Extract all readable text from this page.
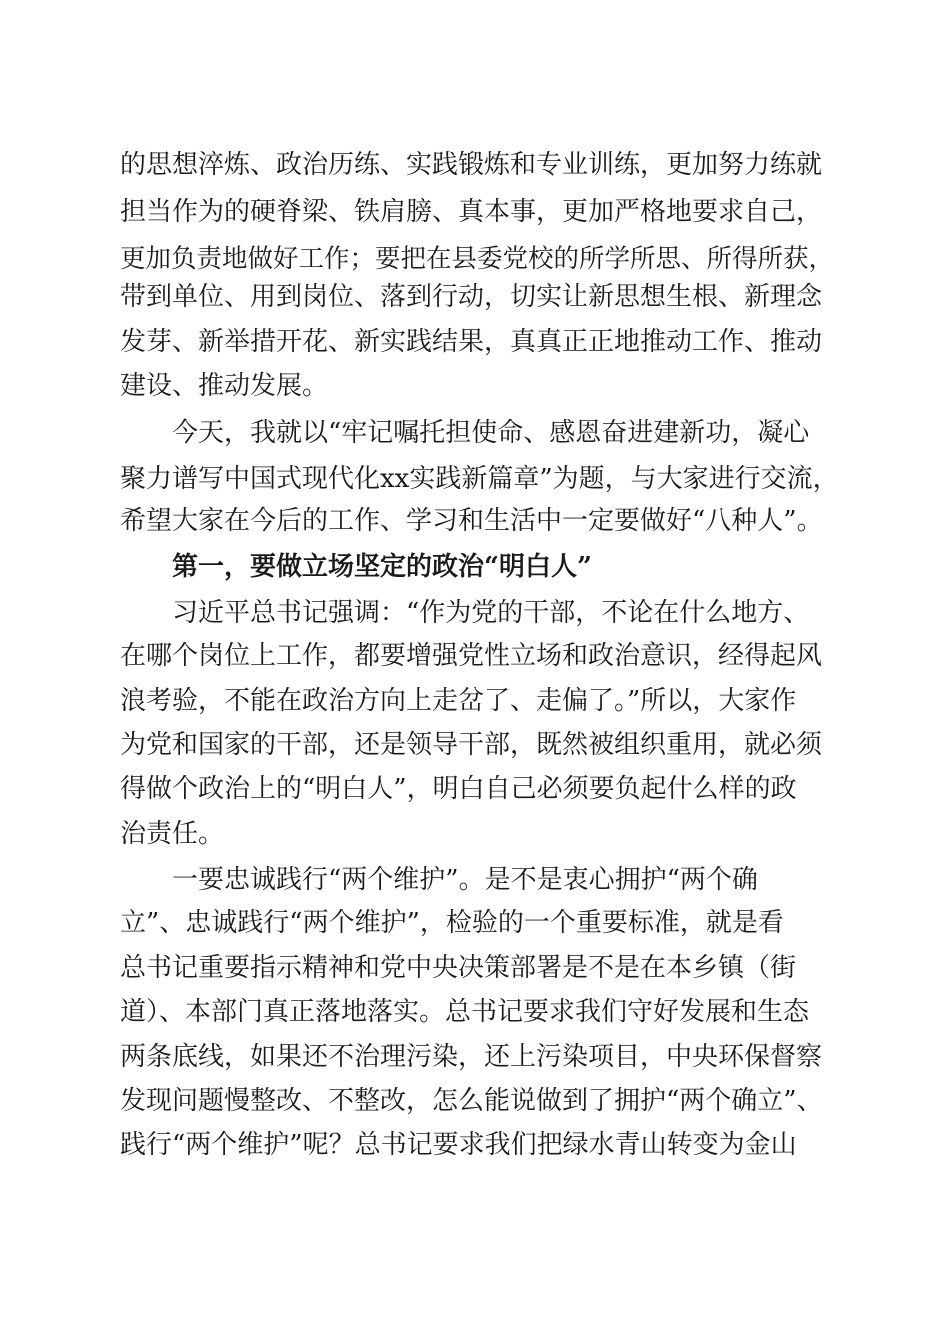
的思想淬炼、政治历练、实践锻炼和专业训练，更加努力练就
担当作为的硬脊梁、铁肩膀、真本事，更加严格地要求自己，
更加负责地做好工作；要把在县委党校的所学所思、所得所获，
带到单位、用到岗位、落到行动，切实让新思想生根、新理念
发芽、新举措开花、新实践结果，真真正正地推动工作、推动
建设、推动发展。
今天，我就以“牢记嘱托担使命、感恩奋进建新功，凝心
聚力谱写中国式现代化xx实践新篇章”为题，与大家进行交流，
希望大家在今后的工作、学习和生活中一定要做好“八种人”。
第一，要做立场坚定的政治“明白人”
习近平总书记强调：“作为党的干部，不论在什么地方、
在哪个岗位上工作，都要增强党性立场和政治意识，经得起风
浪考验，不能在政治方向上走岔了、走偏了。”所以，大家作
为党和国家的干部，还是领导干部，既然被组织重用，就必须
得做个政治上的“明白人”，明白自己必须要负起什么样的政
治责任。
一要忠诚践行“两个维护”。是不是衷心拥护“两个确
立”、忠诚践行“两个维护”，检验的一个重要标准，就是看
总书记重要指示精神和党中央决策部署是不是在本乡镇（街
道）、本部门真正落地落实。总书记要求我们守好发展和生态
两条底线，如果还不治理污染，还上污染项目，中央环保督察
发现问题慢整改、不整改，怎么能说做到了拥护“两个确立”、
践行“两个维护”呢？总书记要求我们把绿水青山转变为金山
